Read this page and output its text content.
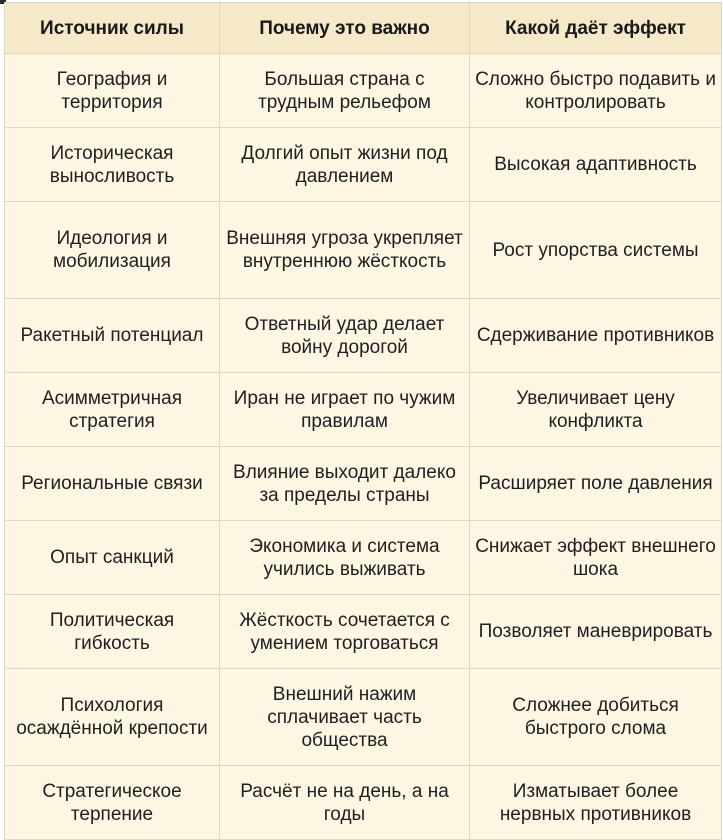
Источник силы	Почему это важно	Какой даёт эффект
География и территория	Большая страна с трудным рельефом	Сложно быстро подавить и контролировать
Историческая выносливость	Долгий опыт жизни под давлением	Высокая адаптивность
Идеология и мобилизация	Внешняя угроза укрепляет внутреннюю жёсткость	Рост упорства системы
Ракетный потенциал	Ответный удар делает войну дорогой	Сдерживание противников
Асимметричная стратегия	Иран не играет по чужим правилам	Увеличивает цену конфликта
Региональные связи	Влияние выходит далеко за пределы страны	Расширяет поле давления
Опыт санкций	Экономика и система учились выживать	Снижает эффект внешнего шока
Политическая гибкость	Жёсткость сочетается с умением торговаться	Позволяет маневрировать
Психология осаждённой крепости	Внешний нажим сплачивает часть общества	Сложнее добиться быстрого слома
Стратегическое терпение	Расчёт не на день, а на годы	Изматывает более нервных противников
